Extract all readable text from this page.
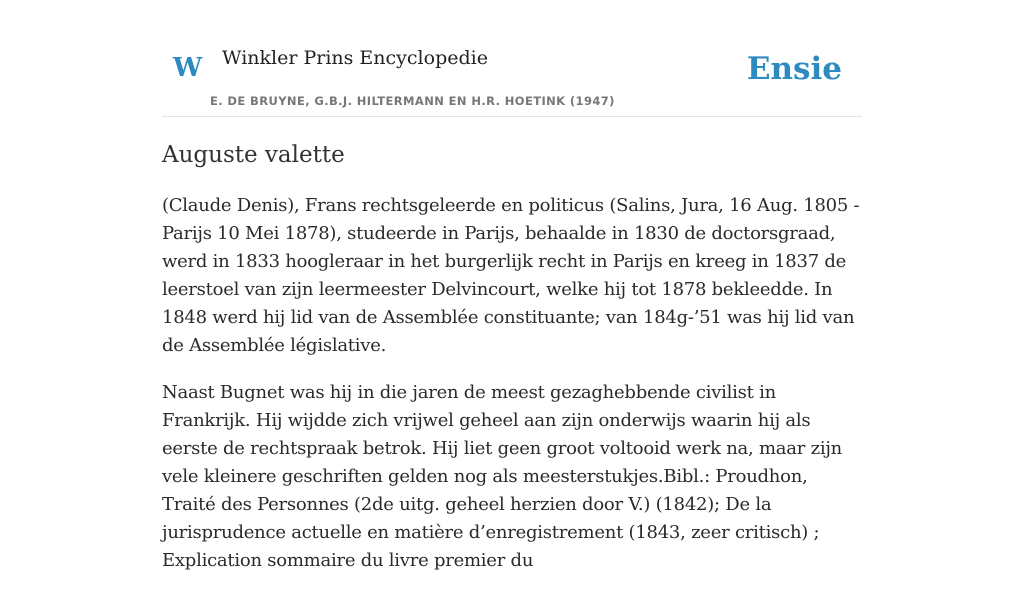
W Winkler Prins Encyclopedie
E. DE BRUYNE, G.B.J. HILTERMANN EN H.R. HOETINK (1947)
Ensie
Auguste valette

(Claude Denis), Frans rechtsgeleerde en politicus (Salins, Jura, 16 Aug. 1805 - Parijs 10 Mei 1878), studeerde in Parijs, behaalde in 1830 de doctorsgraad, werd in 1833 hoogleraar in het burgerlijk recht in Parijs en kreeg in 1837 de leerstoel van zijn leermeester Delvincourt, welke hij tot 1878 bekleedde. In 1848 werd hij lid van de Assemblée constituante; van 184g-’51 was hij lid van de Assemblée législative.

Naast Bugnet was hij in die jaren de meest gezaghebbende civilist in Frankrijk. Hij wijdde zich vrijwel geheel aan zijn onderwijs waarin hij als eerste de rechtspraak betrok. Hij liet geen groot voltooid werk na, maar zijn vele kleinere geschriften gelden nog als meesterstukjes.Bibl.: Proudhon, Traité des Personnes (2de uitg. geheel herzien door V.) (1842); De la jurisprudence actuelle en matière d’enregistrement (1843, zeer critisch) ; Explication sommaire du livre premier du
